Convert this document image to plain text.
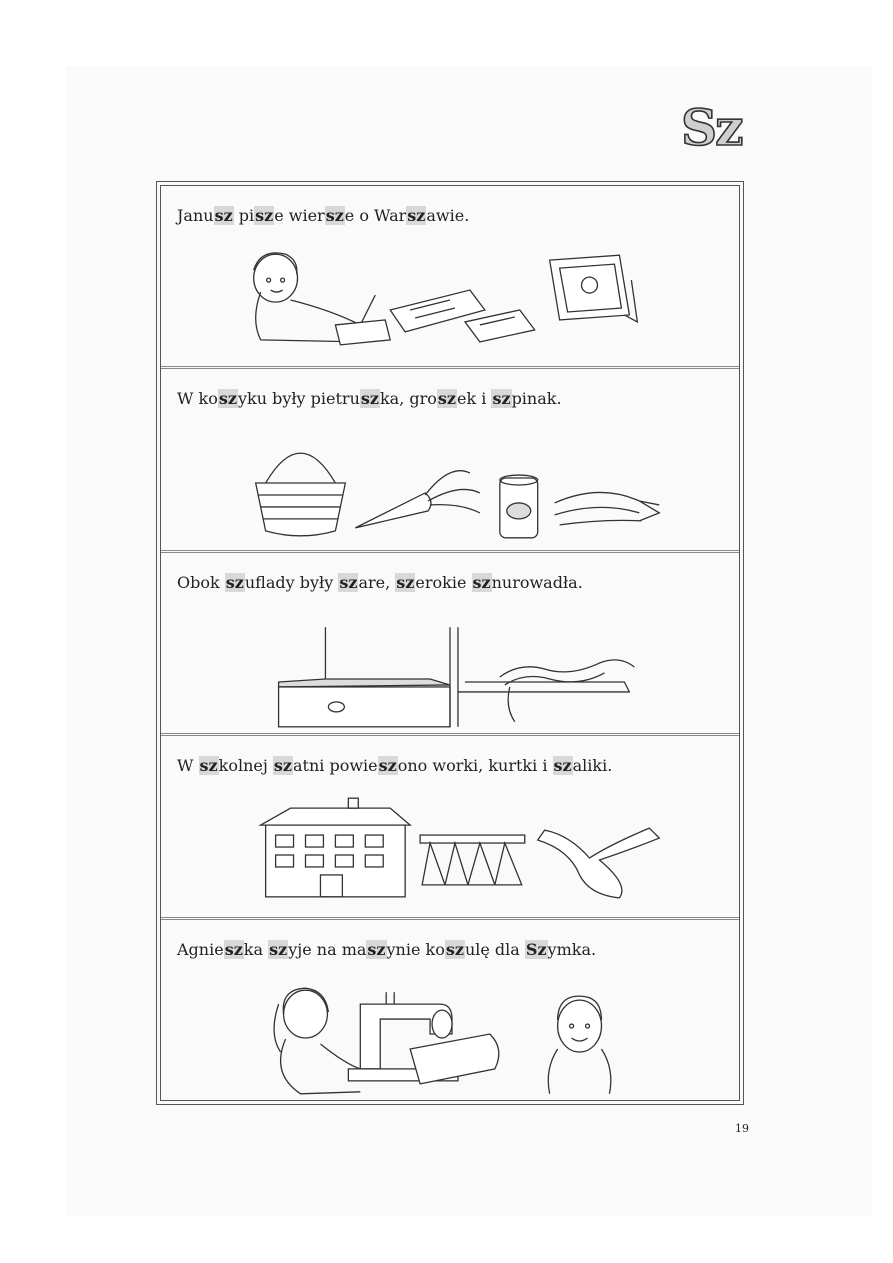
Sz
Janusz pisze wiersze o Warszawie.
W koszyku były pietruszka, groszek i szpinak.
Obok szuflady były szare, szerokie sznurowadła.
W szkolnej szatni powieszono worki, kurtki i szaliki.
Agnieszka szyje na maszynie koszulę dla Szymka.
19
